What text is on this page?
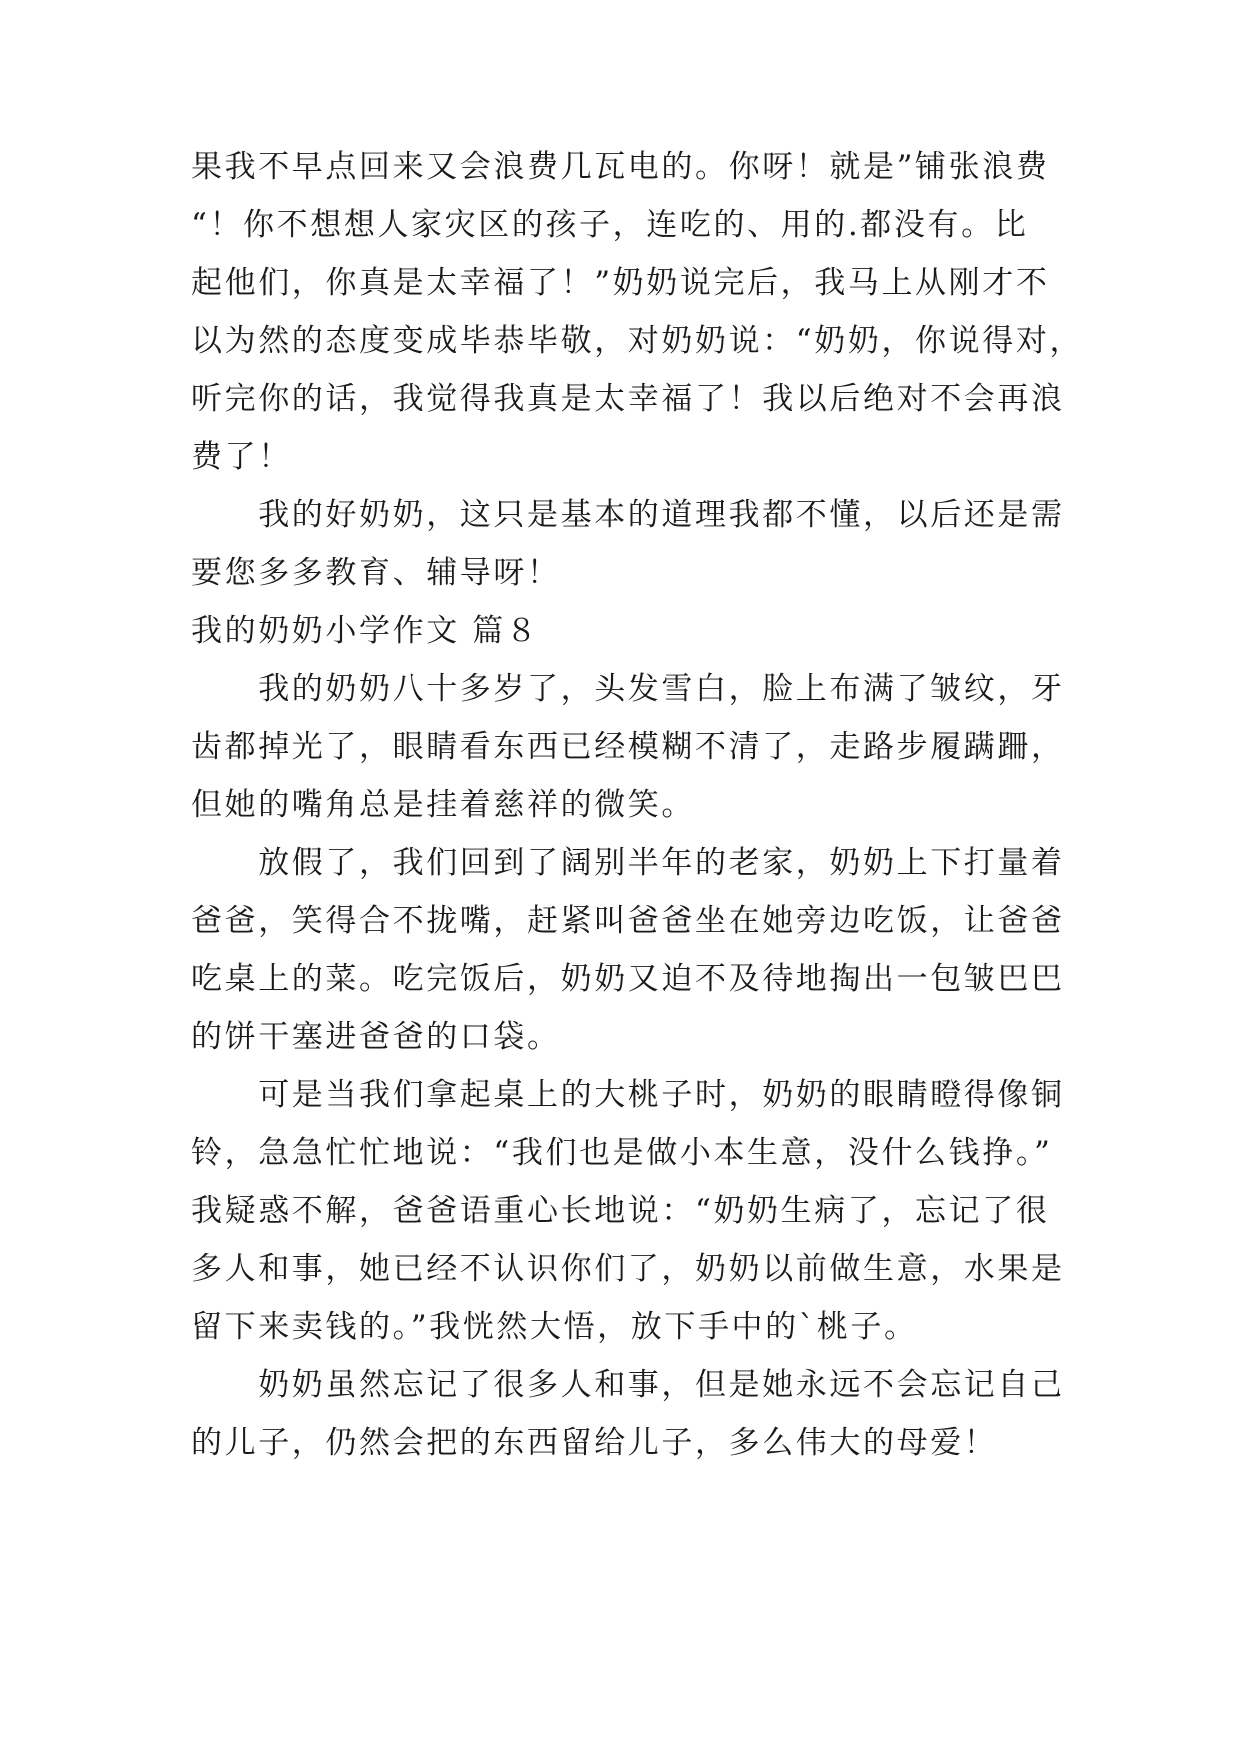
果我不早点回来又会浪费几瓦电的。你呀！就是”铺张浪费
“！你不想想人家灾区的孩子，连吃的、用的.都没有。比
起他们，你真是太幸福了！”奶奶说完后，我马上从刚才不
以为然的态度变成毕恭毕敬，对奶奶说：“奶奶，你说得对，
听完你的话，我觉得我真是太幸福了！我以后绝对不会再浪
费了！
　　我的好奶奶，这只是基本的道理我都不懂，以后还是需
要您多多教育、辅导呀！
我的奶奶小学作文 篇８
　　我的奶奶八十多岁了，头发雪白，脸上布满了皱纹，牙
齿都掉光了，眼睛看东西已经模糊不清了，走路步履蹒跚，
但她的嘴角总是挂着慈祥的微笑。
　　放假了，我们回到了阔别半年的老家，奶奶上下打量着
爸爸，笑得合不拢嘴，赶紧叫爸爸坐在她旁边吃饭，让爸爸
吃桌上的菜。吃完饭后，奶奶又迫不及待地掏出一包皱巴巴
的饼干塞进爸爸的口袋。
　　可是当我们拿起桌上的大桃子时，奶奶的眼睛瞪得像铜
铃，急急忙忙地说：“我们也是做小本生意，没什么钱挣。”
我疑惑不解，爸爸语重心长地说：“奶奶生病了，忘记了很
多人和事，她已经不认识你们了，奶奶以前做生意，水果是
留下来卖钱的。”我恍然大悟，放下手中的`桃子。
　　奶奶虽然忘记了很多人和事，但是她永远不会忘记自己
的儿子，仍然会把的东西留给儿子，多么伟大的母爱！
